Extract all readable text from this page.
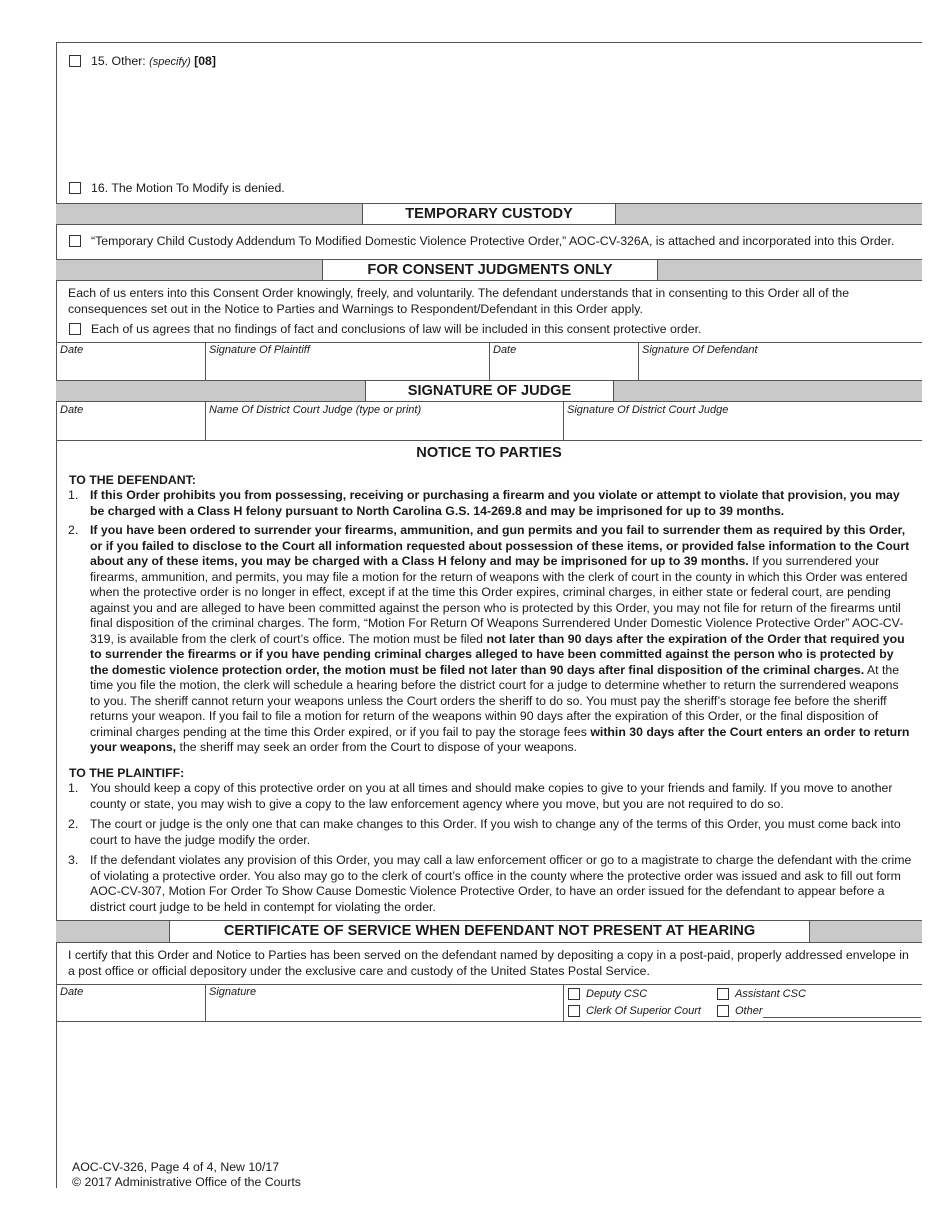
15. Other: (specify) [08]
16. The Motion To Modify is denied.
TEMPORARY CUSTODY
“Temporary Child Custody Addendum To Modified Domestic Violence Protective Order,” AOC-CV-326A, is attached and incorporated into this Order.
FOR CONSENT JUDGMENTS ONLY
Each of us enters into this Consent Order knowingly, freely, and voluntarily. The defendant understands that in consenting to this Order all of the consequences set out in the Notice to Parties and Warnings to Respondent/Defendant in this Order apply.
Each of us agrees that no findings of fact and conclusions of law will be included in this consent protective order.
Date	Signature Of Plaintiff	Date	Signature Of Defendant
SIGNATURE OF JUDGE
Date	Name Of District Court Judge (type or print)	Signature Of District Court Judge
NOTICE TO PARTIES
TO THE DEFENDANT:
1. If this Order prohibits you from possessing, receiving or purchasing a firearm and you violate or attempt to violate that provision, you may be charged with a Class H felony pursuant to North Carolina G.S. 14-269.8 and may be imprisoned for up to 39 months.
2. If you have been ordered to surrender your firearms, ammunition, and gun permits and you fail to surrender them as required by this Order, or if you failed to disclose to the Court all information requested about possession of these items, or provided false information to the Court about any of these items, you may be charged with a Class H felony and may be imprisoned for up to 39 months. If you surrendered your firearms, ammunition, and permits, you may file a motion for the return of weapons with the clerk of court in the county in which this Order was entered when the protective order is no longer in effect, except if at the time this Order expires, criminal charges, in either state or federal court, are pending against you and are alleged to have been committed against the person who is protected by this Order, you may not file for return of the firearms until final disposition of the criminal charges. The form, “Motion For Return Of Weapons Surrendered Under Domestic Violence Protective Order” AOC-CV-319, is available from the clerk of court’s office. The motion must be filed not later than 90 days after the expiration of the Order that required you to surrender the firearms or if you have pending criminal charges alleged to have been committed against the person who is protected by the domestic violence protection order, the motion must be filed not later than 90 days after final disposition of the criminal charges. At the time you file the motion, the clerk will schedule a hearing before the district court for a judge to determine whether to return the surrendered weapons to you. The sheriff cannot return your weapons unless the Court orders the sheriff to do so. You must pay the sheriff’s storage fee before the sheriff returns your weapon. If you fail to file a motion for return of the weapons within 90 days after the expiration of this Order, or the final disposition of criminal charges pending at the time this Order expired, or if you fail to pay the storage fees within 30 days after the Court enters an order to return your weapons, the sheriff may seek an order from the Court to dispose of your weapons.
TO THE PLAINTIFF:
1. You should keep a copy of this protective order on you at all times and should make copies to give to your friends and family. If you move to another county or state, you may wish to give a copy to the law enforcement agency where you move, but you are not required to do so.
2. The court or judge is the only one that can make changes to this Order. If you wish to change any of the terms of this Order, you must come back into court to have the judge modify the order.
3. If the defendant violates any provision of this Order, you may call a law enforcement officer or go to a magistrate to charge the defendant with the crime of violating a protective order. You also may go to the clerk of court’s office in the county where the protective order was issued and ask to fill out form AOC-CV-307, Motion For Order To Show Cause Domestic Violence Protective Order, to have an order issued for the defendant to appear before a district court judge to be held in contempt for violating the order.
CERTIFICATE OF SERVICE WHEN DEFENDANT NOT PRESENT AT HEARING
I certify that this Order and Notice to Parties has been served on the defendant named by depositing a copy in a post-paid, properly addressed envelope in a post office or official depository under the exclusive care and custody of the United States Postal Service.
Date	Signature	Deputy CSC	Assistant CSC
Clerk Of Superior Court	Other
AOC-CV-326, Page 4 of 4, New 10/17
© 2017 Administrative Office of the Courts
